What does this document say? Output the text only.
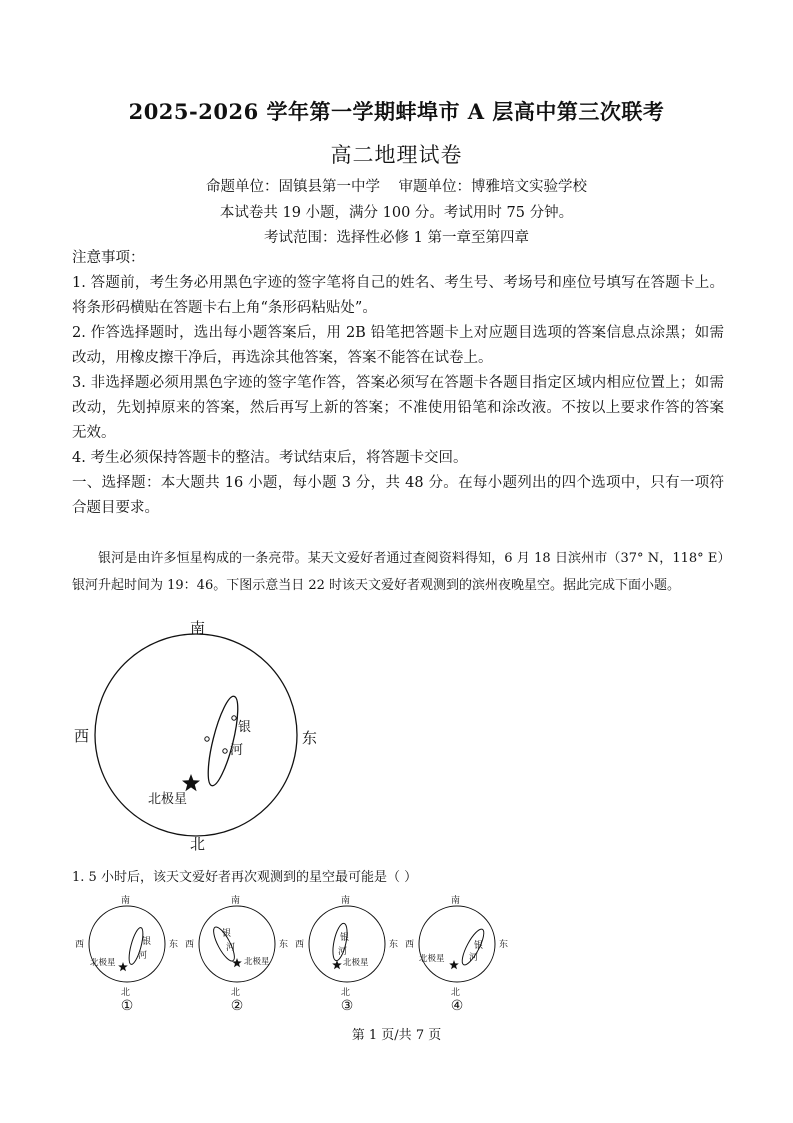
2025-2026 学年第一学期蚌埠市 A 层高中第三次联考
高二地理试卷
命题单位：固镇县第一中学    审题单位：博雅培文实验学校
本试卷共 19 小题，满分 100 分。考试用时 75 分钟。
考试范围：选择性必修 1 第一章至第四章

注意事项：

1. 答题前，考生务必用黑色字迹的签字笔将自己的姓名、考生号、考场号和座位号填写在答题卡上。将条形码横贴在答题卡右上角“条形码粘贴处”。

2. 作答选择题时，选出每小题答案后，用 2B 铅笔把答题卡上对应题目选项的答案信息点涂黑；如需改动，用橡皮擦干净后，再选涂其他答案，答案不能答在试卷上。

3. 非选择题必须用黑色字迹的签字笔作答，答案必须写在答题卡各题目指定区域内相应位置上；如需改动，先划掉原来的答案，然后再写上新的答案；不准使用铅笔和涂改液。不按以上要求作答的答案无效。

4. 考生必须保持答题卡的整洁。考试结束后，将答题卡交回。

一、选择题：本大题共 16 小题，每小题 3 分，共 48 分。在每小题列出的四个选项中，只有一项符合题目要求。

银河是由许多恒星构成的一条亮带。某天文爱好者通过查阅资料得知，6 月 18 日滨州市（37° N，118° E）银河升起时间为 19：46。下图示意当日 22 时该天文爱好者观测到的滨州夜晚星空。据此完成下面小题。

南
北
西	东
银
河
北极星

1. 5 小时后，该天文爱好者再次观测到的星空最可能是（ ）

南
北
西	东
银
河
北极星
①
南
北
西	东
银
河
北极星
②
南
北
西	东
银
河
北极星
③
南
北
西	东
银
河
北极星
④
第 1 页/共 7 页
